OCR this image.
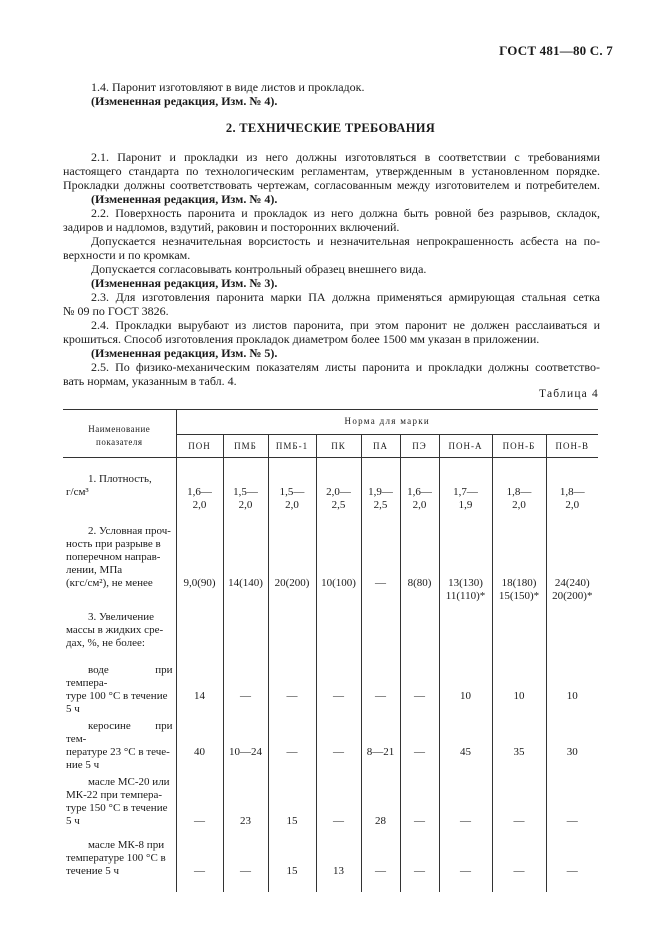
ГОСТ 481—80 С. 7
1.4. Паронит изготовляют в виде листов и прокладок.
(Измененная редакция, Изм. № 4).
2. ТЕХНИЧЕСКИЕ ТРЕБОВАНИЯ
2.1. Паронит и прокладки из него должны изготовляться в соответствии с требованиями
настоящего стандарта по технологическим регламентам, утвержденным в установленном порядке.
Прокладки должны соответствовать чертежам, согласованным между изготовителем и потребителем.
(Измененная редакция, Изм. № 4).
2.2. Поверхность паронита и прокладок из него должна быть ровной без разрывов, складок,
задиров и надломов, вздутий, раковин и посторонних включений.
Допускается незначительная ворсистость и незначительная непрокрашенность асбеста на по-
верхности и по кромкам.
Допускается согласовывать контрольный образец внешнего вида.
(Измененная редакция, Изм. № 3).
2.3. Для изготовления паронита марки ПА должна применяться армирующая стальная сетка
№ 09 по ГОСТ 3826.
2.4. Прокладки вырубают из листов паронита, при этом паронит не должен расслаиваться и
крошиться. Способ изготовления прокладок диаметром более 1500 мм указан в приложении.
(Измененная редакция, Изм. № 5).
2.5. По физико-механическим показателям листы паронита и прокладки должны соответство-
вать нормам, указанным в табл. 4.
Таблица 4
Наименование
показателя	Норма для марки								
	ПОН	ПМБ	ПМБ-1	ПК	ПА	ПЭ	ПОН-А	ПОН-Б	ПОН-В

1. Плотность,
г/см³	1,6—
2,0	1,5—
2,0	1,5—
2,0	2,0—
2,5	1,9—
2,5	1,6—
2,0	1,7—
1,9	1,8—
2,0	1,8—
2,0

2. Условная проч-
ность при разрыве в
поперечном направ-
лении, МПа
(кгс/см²), не менее	9,0(90)	14(140)	20(200)	10(100)	—	8(80)	13(130)
11(110)*	18(180)
15(150)*	24(240)
20(200)*

3. Увеличение
массы в жидких сре-
дах, %, не более:									

воде при темпера-
туре 100 °С в течение
5 ч	14	—	—	—	—	—	10	10	10

керосине при тем-
пературе 23 °С в тече-
ние 5 ч	40	10—24	—	—	8—21	—	45	35	30

масле МС-20 или
МК-22 при темпера-
туре 150 °С в течение
5 ч	—	23	15	—	28	—	—	—	—

масле МК-8 при
температуре 100 °С в
течение 5 ч	—	—	15	13	—	—	—	—	—
